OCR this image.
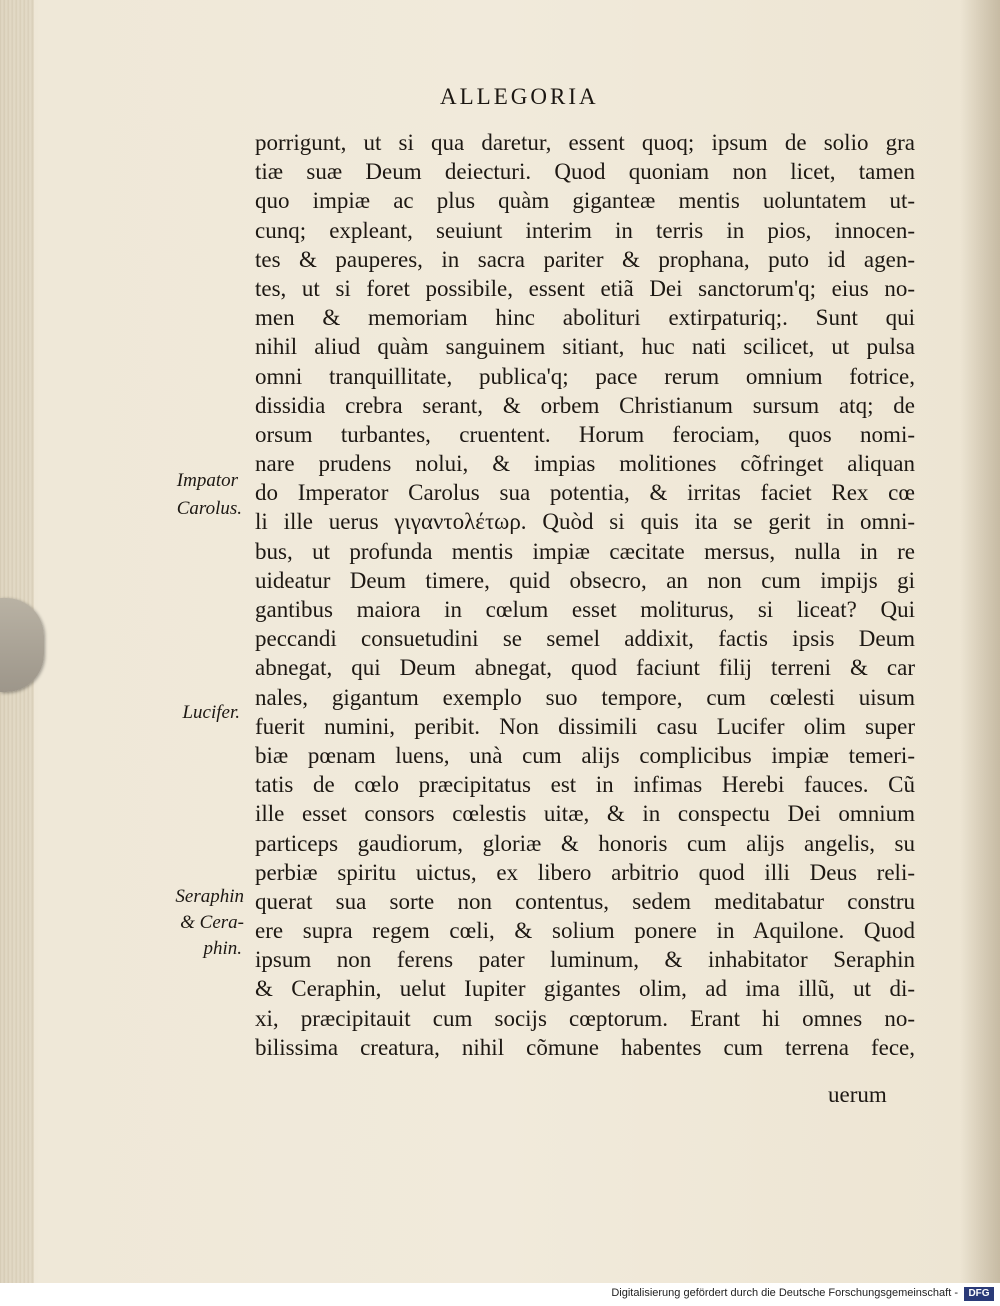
ALLEGORIA
porrigunt, ut si qua daretur, essent quoq; ipsum de solio gra
tiæ suæ Deum deiecturi. Quod quoniam non licet, tamen
quo impiæ ac plus quàm giganteæ mentis uoluntatem ut-
cunq; expleant, seuiunt interim in terris in pios, innocen-
tes & pauperes, in sacra pariter & prophana, puto id agen-
tes, ut si foret possibile, essent etiã Dei sanctorum'q; eius no-
men & memoriam hinc abolituri extirpaturiq;. Sunt qui
nihil aliud quàm sanguinem sitiant, huc nati scilicet, ut pulsa
omni tranquillitate, publica'q; pace rerum omnium fotrice,
dissidia crebra serant, & orbem Christianum sursum atq; de
orsum turbantes, cruentent. Horum ferociam, quos nomi-
nare prudens nolui, & impias molitiones cõfringet aliquan
do Imperator Carolus sua potentia, & irritas faciet Rex cœ
li ille uerus γιγαντολέτωρ. Quòd si quis ita se gerit in omni-
bus, ut profunda mentis impiæ cæcitate mersus, nulla in re
uideatur Deum timere, quid obsecro, an non cum impijs gi
gantibus maiora in cœlum esset moliturus, si liceat? Qui
peccandi consuetudini se semel addixit, factis ipsis Deum
abnegat, qui Deum abnegat, quod faciunt filij terreni & car
nales, gigantum exemplo suo tempore, cum cœlesti uisum
fuerit numini, peribit. Non dissimili casu Lucifer olim super
biæ pœnam luens, unà cum alijs complicibus impiæ temeri-
tatis de cœlo præcipitatus est in infimas Herebi fauces. Cũ
ille esset consors cœlestis uitæ, & in conspectu Dei omnium
particeps gaudiorum, gloriæ & honoris cum alijs angelis, su
perbiæ spiritu uictus, ex libero arbitrio quod illi Deus reli-
querat sua sorte non contentus, sedem meditabatur constru
ere supra regem cœli, & solium ponere in Aquilone. Quod
ipsum non ferens pater luminum, & inhabitator Seraphin
& Ceraphin, uelut Iupiter gigantes olim, ad ima illũ, ut di-
xi, præcipitauit cum socijs cœptorum. Erant hi omnes no-
bilissima creatura, nihil cõmune habentes cum terrena fece,
uerum
Impator
Carolus.
Lucifer.
Seraphin
& Cera-
phin.
Digitalisierung gefördert durch die Deutsche Forschungsgemeinschaft -	DFG
